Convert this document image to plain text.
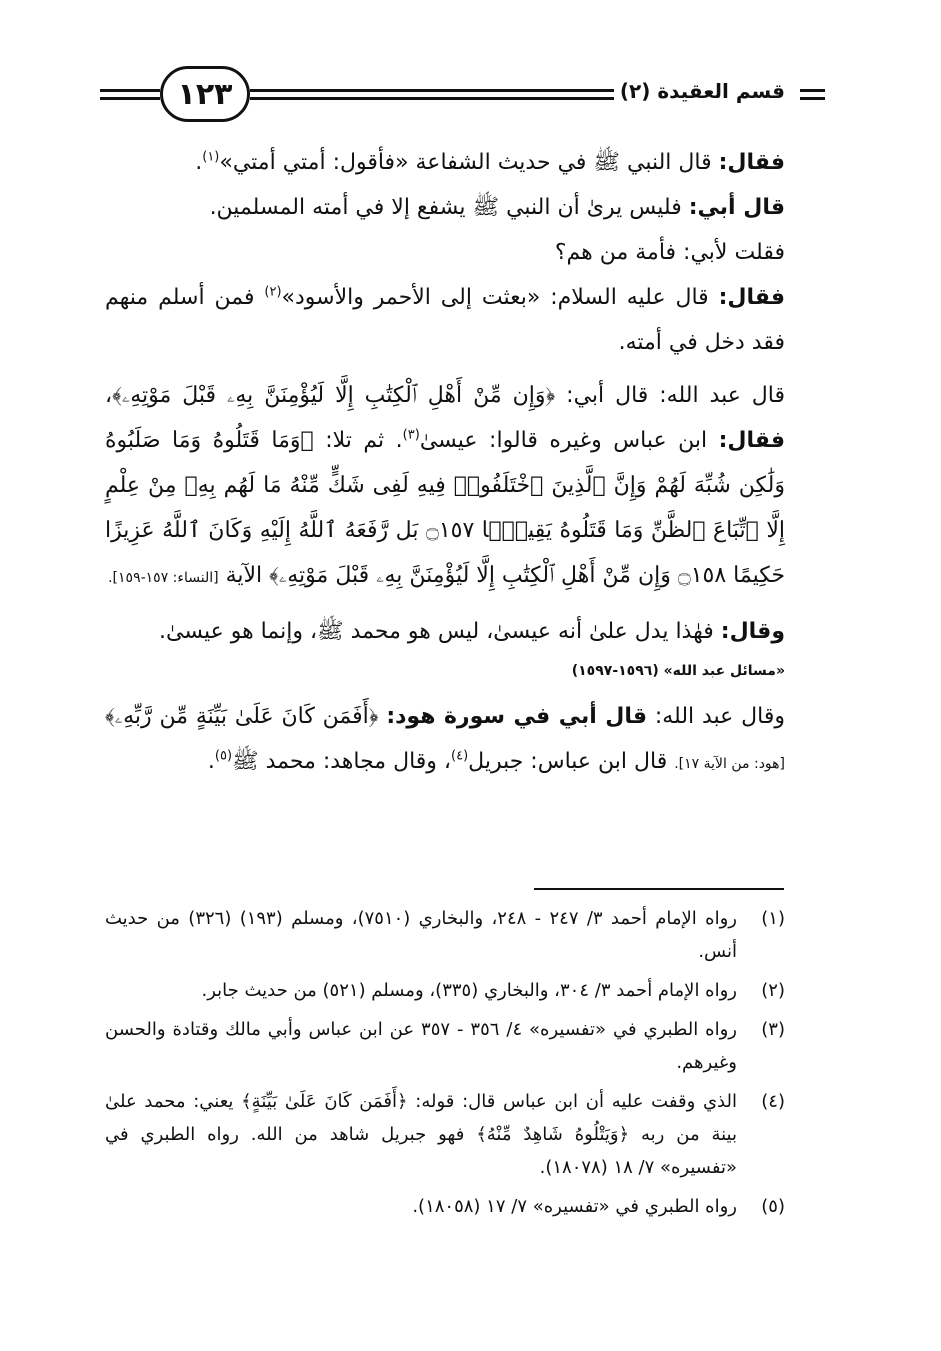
١٢٣	قسم العقيدة (٢)

فقال: قال النبي ﷺ في حديث الشفاعة «فأقول: أمتي أمتي»$^{(١)}$.

قال أبي: فليس يرىٰ أن النبي ﷺ يشفع إلا في أمته المسلمين.

فقلت لأبي: فأمة من هم؟

فقال: قال عليه السلام: «بعثت إلى الأحمر والأسود»$^{(٢)}$ فمن أسلم منهم فقد دخل في أمته.

قال عبد الله: قال أبي: ﴿وَإِن مِّنْ أَهْلِ ٱلْكِتَٰبِ إِلَّا لَيُؤْمِنَنَّ بِهِۦ قَبْلَ مَوْتِهِۦ﴾، فقال: ابن عباس وغيره قالوا: عيسىٰ$^{(٣)}$. ثم تلا: ﴿وَمَا قَتَلُوهُ وَمَا صَلَبُوهُ وَلَٰكِن شُبِّهَ لَهُمْ وَإِنَّ ٱلَّذِينَ ٱخْتَلَفُوا۟ فِيهِ لَفِى شَكٍّ مِّنْهُ مَا لَهُم بِهِۦ مِنْ عِلْمٍ إِلَّا ٱتِّبَاعَ ٱلظَّنِّ وَمَا قَتَلُوهُ يَقِينًۢا ۝١٥٧ بَل رَّفَعَهُ ٱللَّهُ إِلَيْهِ وَكَانَ ٱللَّهُ عَزِيزًا حَكِيمًا ۝١٥٨ وَإِن مِّنْ أَهْلِ ٱلْكِتَٰبِ إِلَّا لَيُؤْمِنَنَّ بِهِۦ قَبْلَ مَوْتِهِۦ﴾ الآية [النساء: ١٥٧-١٥٩].

وقال: فهٰذا يدل علىٰ أنه عيسىٰ، ليس هو محمد ﷺ، وإنما هو عيسىٰ.

«مسائل عبد الله» (١٥٩٦-١٥٩٧)

وقال عبد الله: قال أبي في سورة هود: ﴿أَفَمَن كَانَ عَلَىٰ بَيِّنَةٍ مِّن رَّبِّهِۦ﴾ [هود: من الآية ١٧]. قال ابن عباس: جبريل$^{(٤)}$، وقال مجاهد: محمد ﷺ$^{(٥)}$.

(١)
رواه الإمام أحمد ٣/ ٢٤٧ - ٢٤٨، والبخاري (٧٥١٠)، ومسلم (١٩٣) (٣٢٦) من حديث أنس.
(٢)
رواه الإمام أحمد ٣/ ٣٠٤، والبخاري (٣٣٥)، ومسلم (٥٢١) من حديث جابر.
(٣)
رواه الطبري في «تفسيره» ٤/ ٣٥٦ - ٣٥٧ عن ابن عباس وأبي مالك وقتادة والحسن وغيرهم.
(٤)
الذي وقفت عليه أن ابن عباس قال: قوله: ﴿أَفَمَن كَانَ عَلَىٰ بَيِّنَةٍ﴾ يعني: محمد علىٰ بينة من ربه ﴿وَيَتْلُوهُ شَاهِدٌ مِّنْهُ﴾ فهو جبريل شاهد من الله. رواه الطبري في «تفسيره» ٧/ ١٨ (١٨٠٧٨).
(٥)
رواه الطبري في «تفسيره» ٧/ ١٧ (١٨٠٥٨).
